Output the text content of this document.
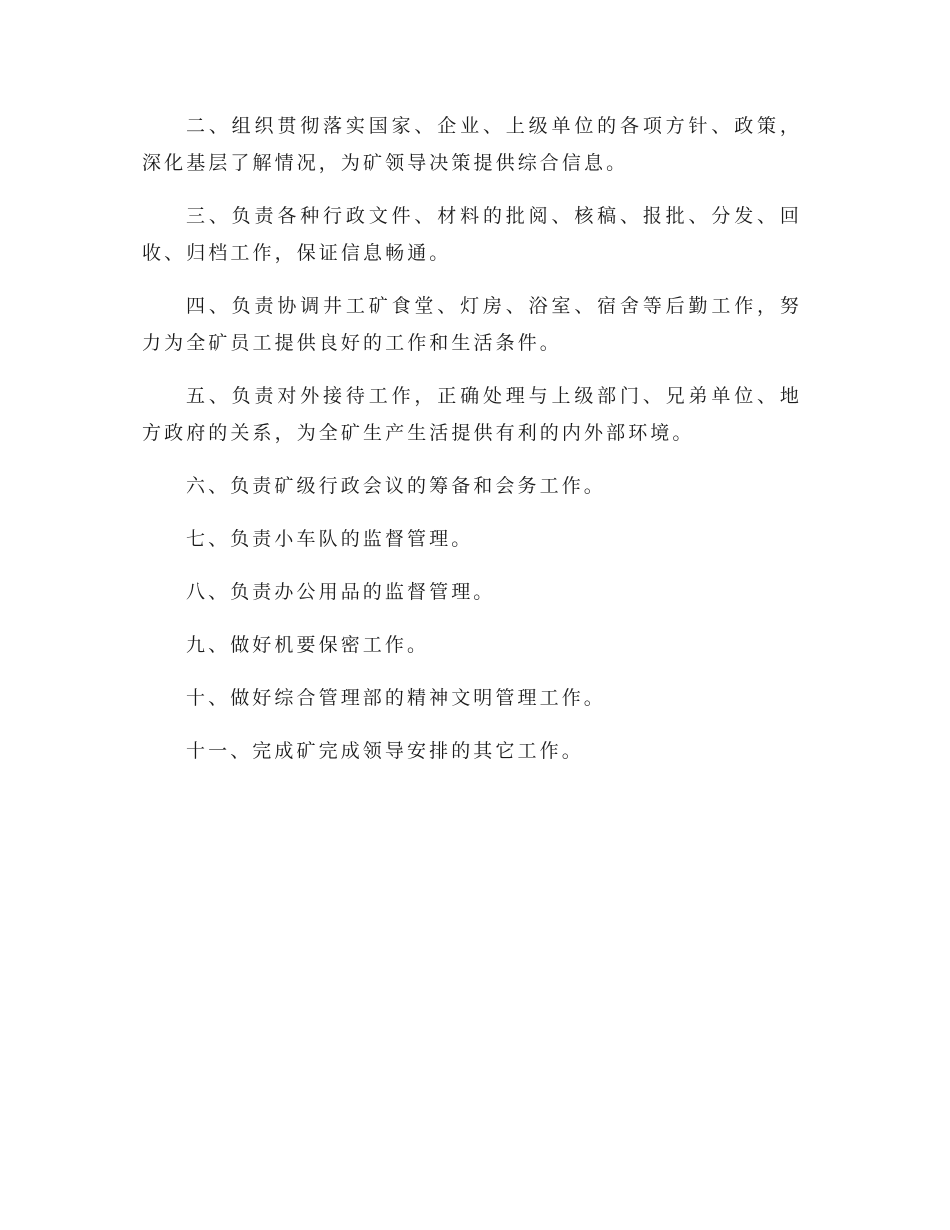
二、组织贯彻落实国家、企业、上级单位的各项方针、政策，深化基层了解情况，为矿领导决策提供综合信息。

三、负责各种行政文件、材料的批阅、核稿、报批、分发、回收、归档工作，保证信息畅通。

四、负责协调井工矿食堂、灯房、浴室、宿舍等后勤工作，努力为全矿员工提供良好的工作和生活条件。

五、负责对外接待工作，正确处理与上级部门、兄弟单位、地方政府的关系，为全矿生产生活提供有利的内外部环境。

六、负责矿级行政会议的筹备和会务工作。

七、负责小车队的监督管理。

八、负责办公用品的监督管理。

九、做好机要保密工作。

十、做好综合管理部的精神文明管理工作。

十一、完成矿完成领导安排的其它工作。
